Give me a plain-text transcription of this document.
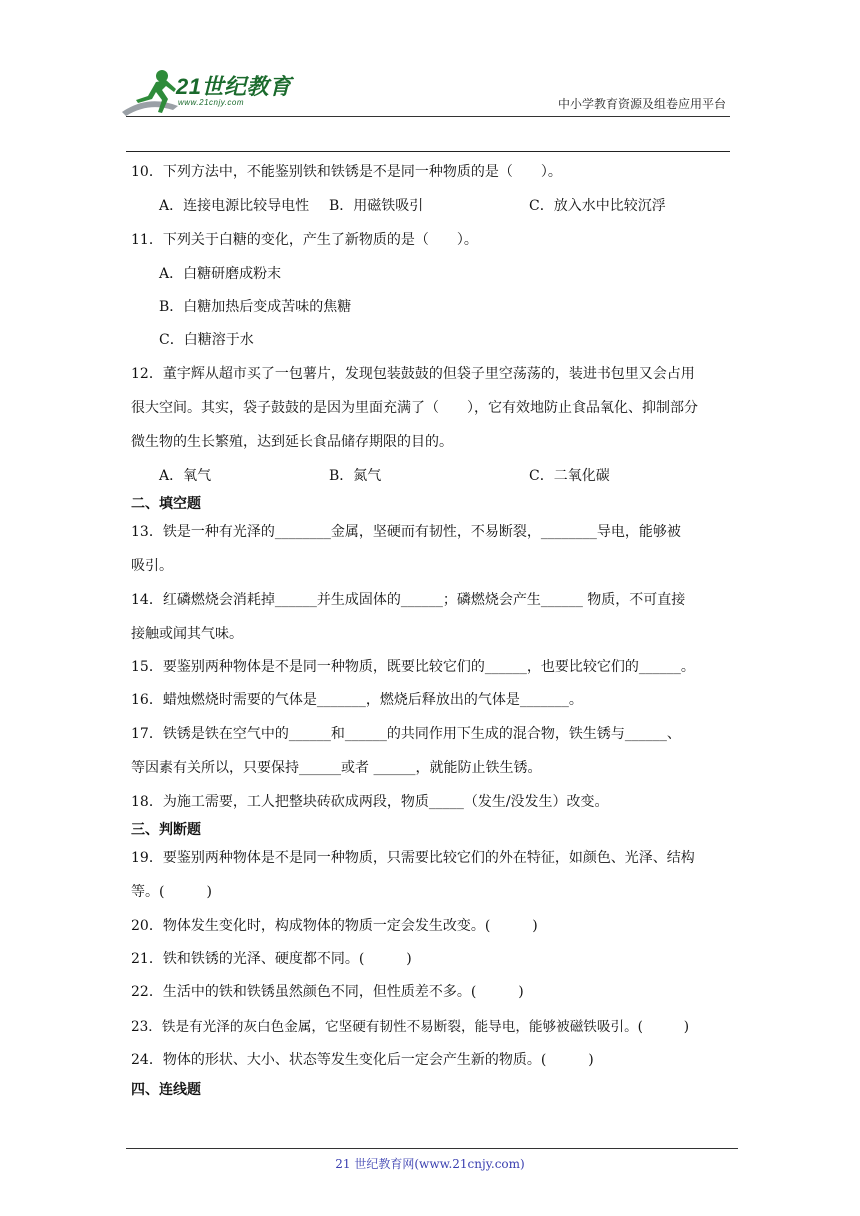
21世纪教育
www.21cnjy.com	中小学教育资源及组卷应用平台
10．下列方法中，不能鉴别铁和铁锈是不是同一种物质的是（　　）。
A．连接电源比较导电性 B．用磁铁吸引	C．放入水中比较沉浮
11．下列关于白糖的变化，产生了新物质的是（　　）。
A．白糖研磨成粉末
B．白糖加热后变成苦味的焦糖
C．白糖溶于水
12．董宇辉从超市买了一包薯片，发现包装鼓鼓的但袋子里空荡荡的，装进书包里又会占用
很大空间。其实，袋子鼓鼓的是因为里面充满了（　　），它有效地防止食品氧化、抑制部分
微生物的生长繁殖，达到延长食品储存期限的目的。
A．氧气	B．氮气	C．二氧化碳
二、填空题
13．铁是一种有光泽的________金属，坚硬而有韧性，不易断裂，________导电，能够被
吸引。
14．红磷燃烧会消耗掉______并生成固体的______；磷燃烧会产生______ 物质，不可直接
接触或闻其气味。
15．要鉴别两种物体是不是同一种物质，既要比较它们的______，也要比较它们的______。
16．蜡烛燃烧时需要的气体是_______，燃烧后释放出的气体是_______。
17．铁锈是铁在空气中的______和______的共同作用下生成的混合物，铁生锈与______、
等因素有关所以，只要保持______或者 ______，就能防止铁生锈。
18．为施工需要，工人把整块砖砍成两段，物质_____（发生/没发生）改变。
三、判断题
19．要鉴别两种物体是不是同一种物质，只需要比较它们的外在特征，如颜色、光泽、结构
等。(　　　)
20．物体发生变化时，构成物体的物质一定会发生改变。(　　　)
21．铁和铁锈的光泽、硬度都不同。(　　　)
22．生活中的铁和铁锈虽然颜色不同，但性质差不多。(　　　)
23．铁是有光泽的灰白色金属，它坚硬有韧性不易断裂，能导电，能够被磁铁吸引。(　　　)
24．物体的形状、大小、状态等发生变化后一定会产生新的物质。(　　　)
四、连线题
21 世纪教育网(www.21cnjy.com)
